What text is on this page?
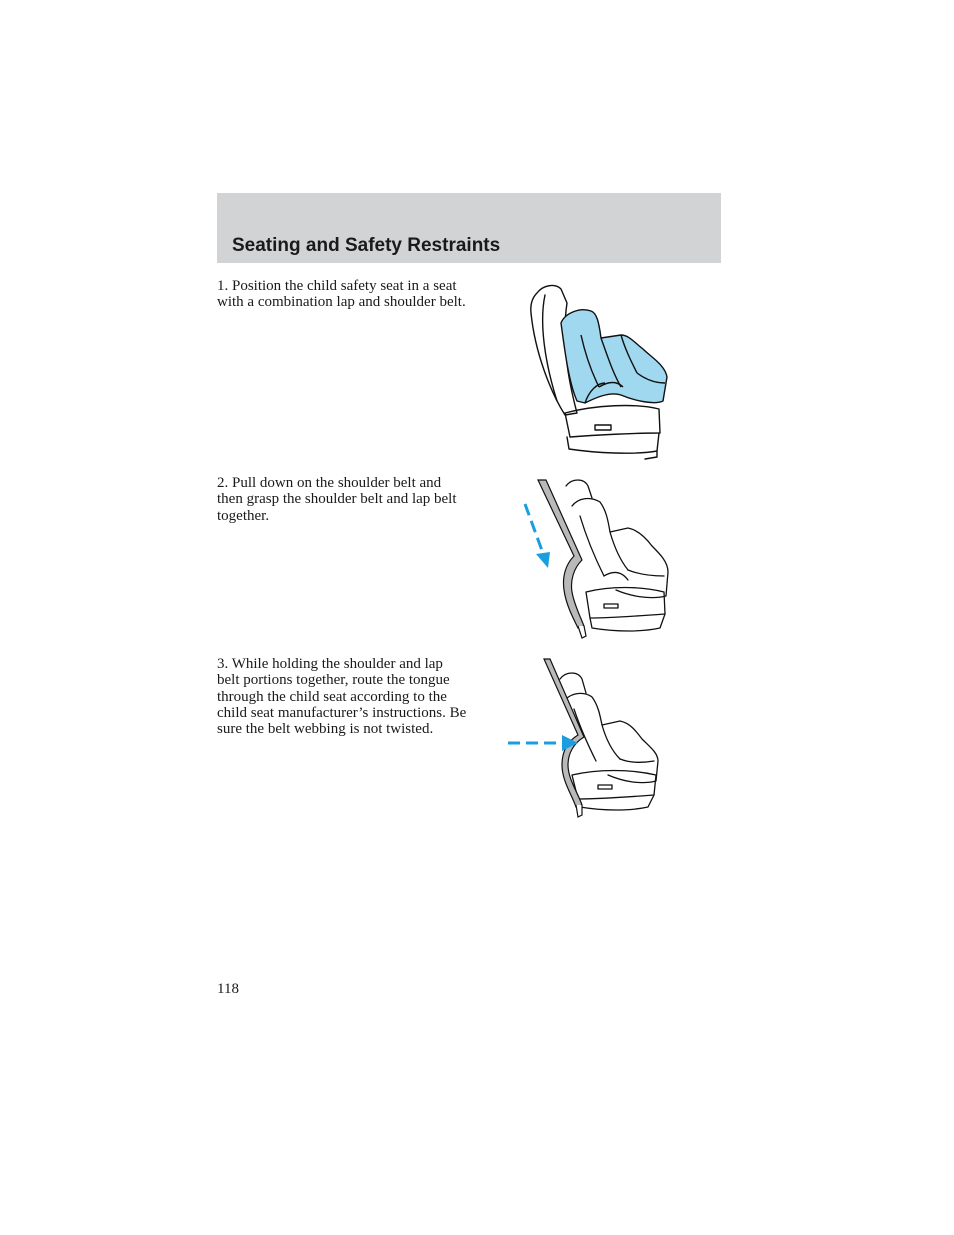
Seating and Safety Restraints

1. Position the child safety seat in a seat with a combination lap and shoulder belt.

2. Pull down on the shoulder belt and then grasp the shoulder belt and lap belt together.

3. While holding the shoulder and lap belt portions together, route the tongue through the child seat according to the child seat manufacturer’s instructions. Be sure the belt webbing is not twisted.

118
